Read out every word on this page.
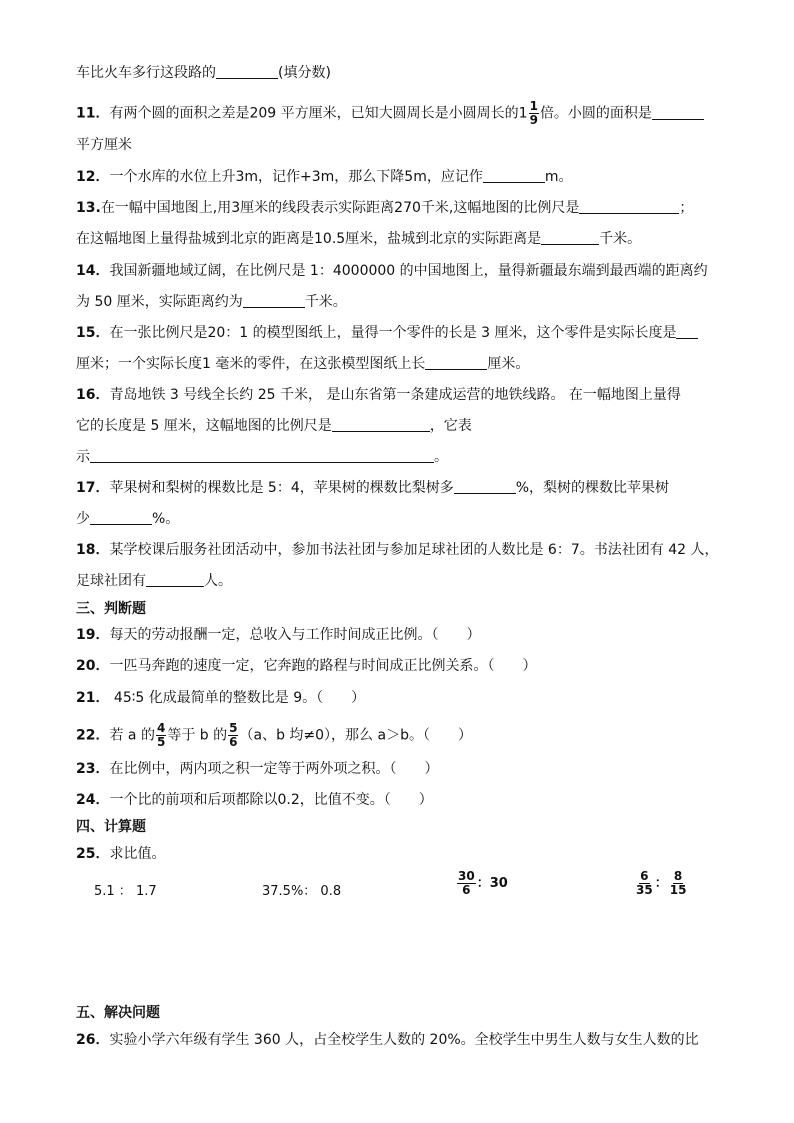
车比火车多行这段路的	(填分数)
11．有两个圆的面积之差是209 平方厘米，已知大圆周长是小圆周长的$1 \frac{1}{9}$ 倍。小圆的面积是
平方厘米
12．一个水库的水位上升3m，记作+3m，那么下降5m，应记作	m。
13.在一幅中国地图上,用3厘米的线段表示实际距离270千米,这幅地图的比例尺是	；
在这幅地图上量得盐城到北京的距离是10.5厘米，盐城到北京的实际距离是	千米。
14．我国新疆地域辽阔，在比例尺是 1：4000000 的中国地图上，量得新疆最东端到最西端的距离约
为 50 厘米，实际距离约为	千米。
15．在一张比例尺是20：1 的模型图纸上，量得一个零件的长是 3 厘米，这个零件是实际长度是
厘米；一个实际长度1 毫米的零件，在这张模型图纸上长	厘米。
16．青岛地铁 3 号线全长约 25 千米， 是山东省第一条建成运营的地铁线路。 在一幅地图上量得
它的长度是 5 厘米，这幅地图的比例尺是	，它表
示	。
17．苹果树和梨树的棵数比是 5：4，苹果树的棵数比梨树多	%，梨树的棵数比苹果树
少	%。
18．某学校课后服务社团活动中，参加书法社团与参加足球社团的人数比是 6：7。书法社团有 42 人，
足球社团有	人。
三、判断题
19．每天的劳动报酬一定，总收入与工作时间成正比例。（　　）
20．一匹马奔跑的速度一定，它奔跑的路程与时间成正比例关系。（　　）
21． 45∶5 化成最简单的整数比是 9。（　　）
22．若 a 的 $\frac{4}{5}$ 等于 b 的 $\frac{5}{6} (a$、b 均≠0），那么 a＞b。（　　）
23．在比例中，两内项之积一定等于两外项之积。（　　）
24．一个比的前项和后项都除以0.2，比值不变。（　　）
四、计算题
25．求比值。
5.1 ： 1.7	37.5%： 0.8	$\frac{30}{6}$ ：30	$\frac{6}{35}$ ： $\frac{8}{15}$
五、解决问题
26．实验小学六年级有学生 360 人，占全校学生人数的 20%。全校学生中男生人数与女生人数的比
